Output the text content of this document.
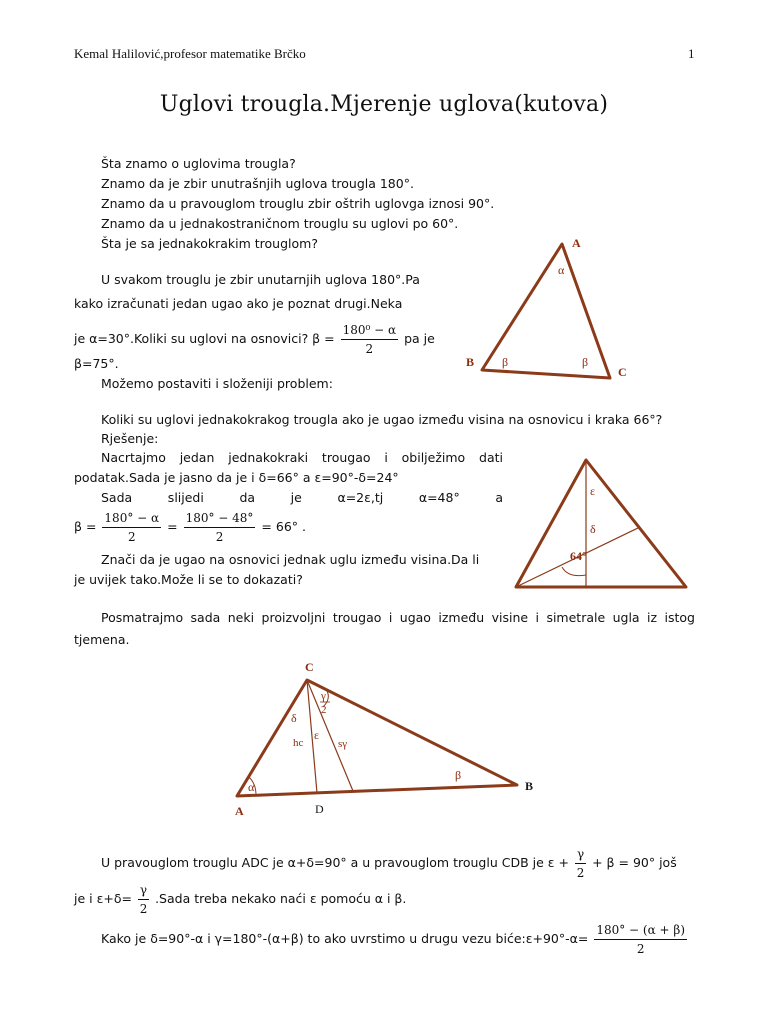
Kemal Halilović,profesor matematike Brčko	1
Uglovi trougla.Mjerenje uglova(kutova)
Šta znamo o uglovima trougla?
Znamo da je zbir unutrašnjih uglova trougla 180°.
Znamo da u pravouglom trouglu zbir oštrih uglovga iznosi 90°.
Znamo da u jednakostraničnom trouglu su uglovi po 60°.
Šta je sa jednakokrakim trouglom?
U svakom trouglu je zbir unutarnjih uglova 180°.Pa
kako izračunati jedan ugao ako je poznat drugi.Neka
je α=30°.Koliki su uglovi na osnovici? $\beta = \frac{\text{180⁰ − α}}{2}$ pa je
β=75°.
Možemo postaviti i složeniji problem:
A
B
C
α
β	β
Koliki su uglovi jednakokrakog trougla ako je ugao između visina na osnovicu i kraka 66°?
Rješenje:
Nacrtajmo jedan jednakokraki trougao i obilježimo dati
podatak.Sada je jasno da je i δ=66° a ε=90°-δ=24°
Sada slijedi da je α=2ε,tj α=48° a
$\beta = \frac{180^\circ - \alpha}{2} = \frac{180^\circ - 48^\circ}{2} = 66^\circ$ .
Znači da je ugao na osnovici jednak uglu između visina.Da li
je uvijek tako.Može li se to dokazati?
ε
δ
64°
Posmatrajmo sada neki proizvoljni trougao i ugao između visine i simetrale ugla iz istog
tjemena.
C
A
B
D
α
β
δ
ε
hc	sγ
γ
2
U pravouglom trouglu ADC je α+δ=90° a u pravouglom trouglu CDB je $\varepsilon + \frac{\gamma}{2} + \beta = 90^\circ$ još
je i $\varepsilon+\delta= \frac{\gamma}{2}$ .Sada treba nekako naći ε pomoću α i β.
Kako je δ=90°-α i γ=180°-(α+β) to ako uvrstimo u drugu vezu biće:ε+90°-α= $\frac{180^\circ - (\alpha + \beta)}{2}$
